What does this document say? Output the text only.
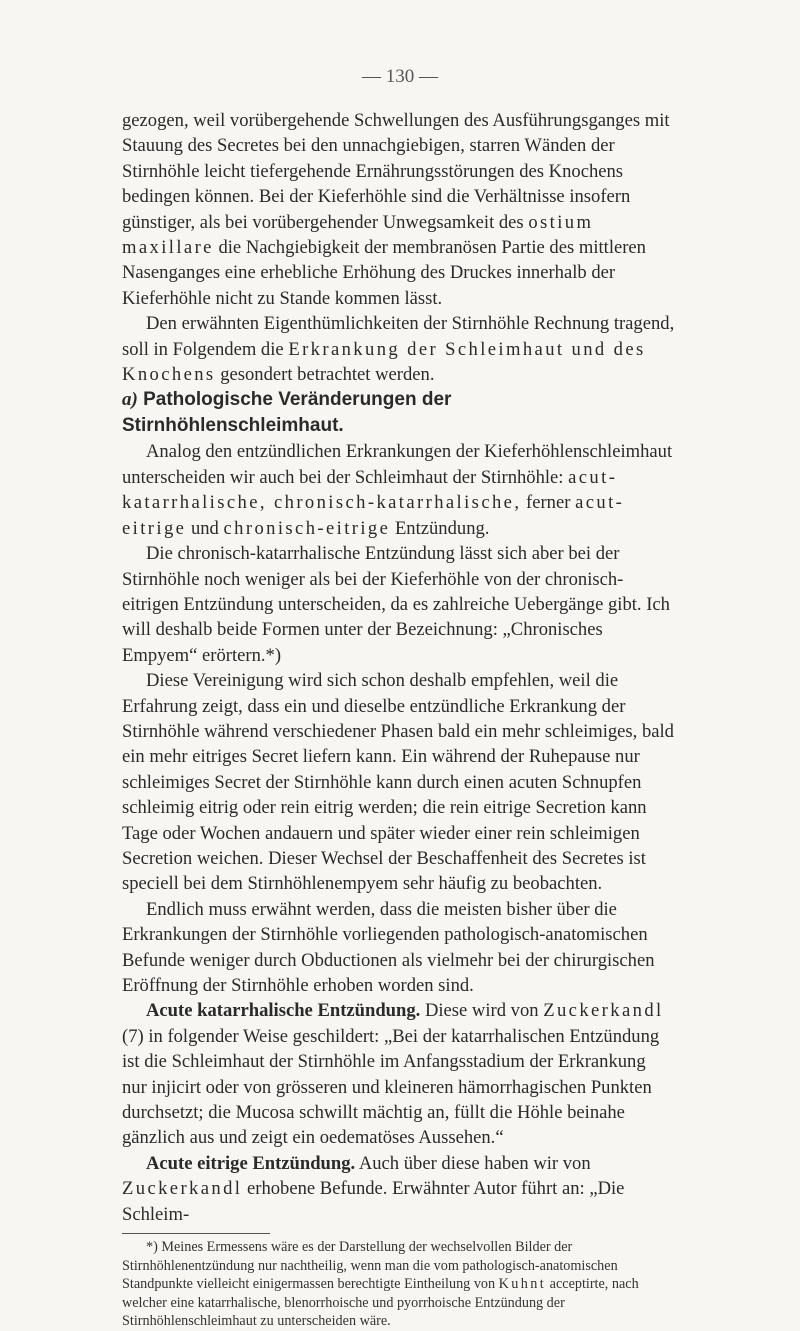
— 130 —

gezogen, weil vorübergehende Schwellungen des Ausführungsganges mit Stauung des Secretes bei den unnachgiebigen, starren Wänden der Stirnhöhle leicht tiefergehende Ernährungsstörungen des Knochens bedingen können. Bei der Kieferhöhle sind die Verhältnisse insofern günstiger, als bei vorübergehender Unwegsamkeit des ostium maxillare die Nachgiebigkeit der membranösen Partie des mittleren Nasenganges eine erhebliche Erhöhung des Druckes innerhalb der Kieferhöhle nicht zu Stande kommen lässt.

Den erwähnten Eigenthümlichkeiten der Stirnhöhle Rechnung tragend, soll in Folgendem die Erkrankung der Schleimhaut und des Knochens gesondert betrachtet werden.

a) Pathologische Veränderungen der Stirnhöhlenschleimhaut.

Analog den entzündlichen Erkrankungen der Kieferhöhlenschleimhaut unterscheiden wir auch bei der Schleimhaut der Stirnhöhle: acut-katarrhalische, chronisch-katarrhalische, ferner acut-eitrige und chronisch-eitrige Entzündung.

Die chronisch-katarrhalische Entzündung lässt sich aber bei der Stirnhöhle noch weniger als bei der Kieferhöhle von der chronisch-eitrigen Entzündung unterscheiden, da es zahlreiche Uebergänge gibt. Ich will deshalb beide Formen unter der Bezeichnung: „Chronisches Empyem“ erörtern.*)

Diese Vereinigung wird sich schon deshalb empfehlen, weil die Erfahrung zeigt, dass ein und dieselbe entzündliche Erkrankung der Stirnhöhle während verschiedener Phasen bald ein mehr schleimiges, bald ein mehr eitriges Secret liefern kann. Ein während der Ruhepause nur schleimiges Secret der Stirnhöhle kann durch einen acuten Schnupfen schleimig eitrig oder rein eitrig werden; die rein eitrige Secretion kann Tage oder Wochen andauern und später wieder einer rein schleimigen Secretion weichen. Dieser Wechsel der Beschaffenheit des Secretes ist speciell bei dem Stirnhöhlenempyem sehr häufig zu beobachten.

Endlich muss erwähnt werden, dass die meisten bisher über die Erkrankungen der Stirnhöhle vorliegenden pathologisch-anatomischen Befunde weniger durch Obductionen als vielmehr bei der chirurgischen Eröffnung der Stirnhöhle erhoben worden sind.

Acute katarrhalische Entzündung. Diese wird von Zuckerkandl (7) in folgender Weise geschildert: „Bei der katarrhalischen Entzündung ist die Schleimhaut der Stirnhöhle im Anfangsstadium der Erkrankung nur injicirt oder von grösseren und kleineren hämorrhagischen Punkten durchsetzt; die Mucosa schwillt mächtig an, füllt die Höhle beinahe gänzlich aus und zeigt ein oedematöses Aussehen.“

Acute eitrige Entzündung. Auch über diese haben wir von Zuckerkandl erhobene Befunde. Erwähnter Autor führt an: „Die Schleim-

*) Meines Ermessens wäre es der Darstellung der wechselvollen Bilder der Stirnhöhlenentzündung nur nachtheilig, wenn man die vom pathologisch-anatomischen Standpunkte vielleicht einigermassen berechtigte Eintheilung von Kuhnt acceptirte, nach welcher eine katarrhalische, blenorrhoische und pyorrhoische Entzündung der Stirnhöhlenschleimhaut zu unterscheiden wäre.
